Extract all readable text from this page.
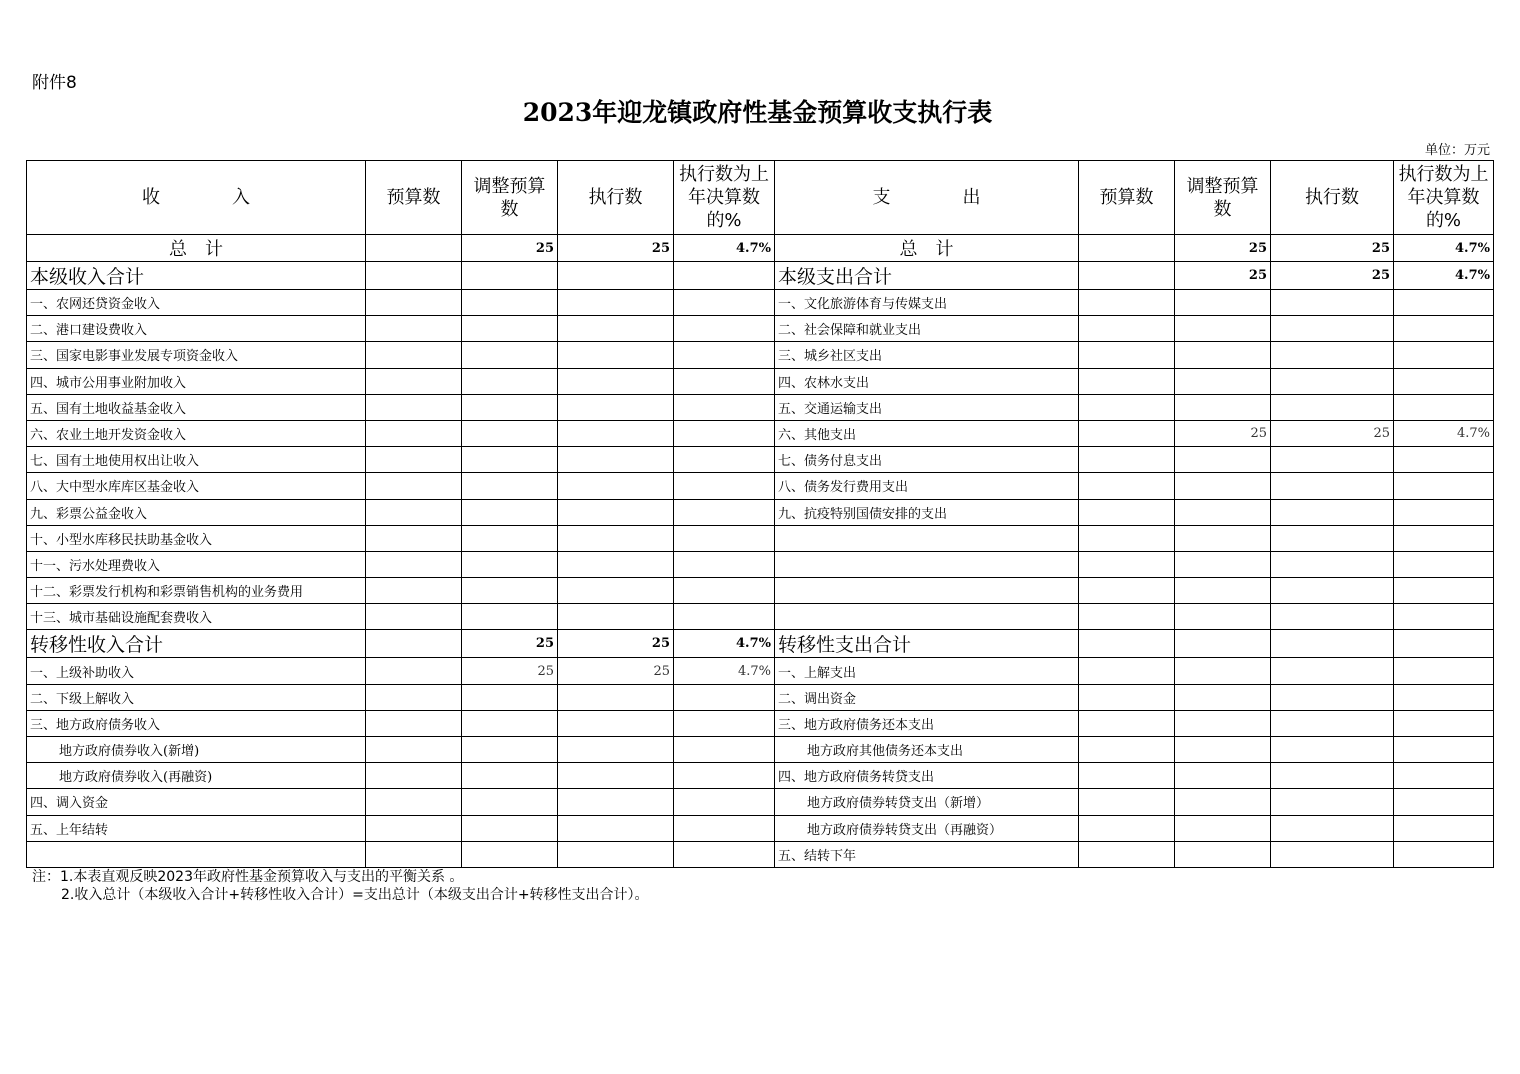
附件8
2023年迎龙镇政府性基金预算收支执行表
单位：万元
收　　　　入	预算数	调整预算数	执行数	执行数为上年决算数的%	支　　　　出	预算数	调整预算数	执行数	执行数为上年决算数的%
总　计		25	25	4.7%	总　计		25	25	4.7%
本级收入合计					本级支出合计		25	25	4.7%
一、农网还贷资金收入					一、文化旅游体育与传媒支出				
二、港口建设费收入					二、社会保障和就业支出				
三、国家电影事业发展专项资金收入					三、城乡社区支出				
四、城市公用事业附加收入					四、农林水支出				
五、国有土地收益基金收入					五、交通运输支出				
六、农业土地开发资金收入					六、其他支出		25	25	4.7%
七、国有土地使用权出让收入					七、债务付息支出				
八、大中型水库库区基金收入					八、债务发行费用支出				
九、彩票公益金收入					九、抗疫特别国债安排的支出				
十、小型水库移民扶助基金收入									
十一、污水处理费收入									
十二、彩票发行机构和彩票销售机构的业务费用									
十三、城市基础设施配套费收入									
转移性收入合计		25	25	4.7%	转移性支出合计				
一、上级补助收入		25	25	4.7%	一、上解支出				
二、下级上解收入					二、调出资金				
三、地方政府债务收入					三、地方政府债务还本支出				
地方政府债券收入(新增)					地方政府其他债务还本支出				
地方政府债券收入(再融资)					四、地方政府债务转贷支出				
四、调入资金					地方政府债券转贷支出（新增）				
五、上年结转					地方政府债券转贷支出（再融资）				
					五、结转下年				
注：1.本表直观反映2023年政府性基金预算收入与支出的平衡关系 。
2.收入总计（本级收入合计+转移性收入合计）=支出总计（本级支出合计+转移性支出合计）。
